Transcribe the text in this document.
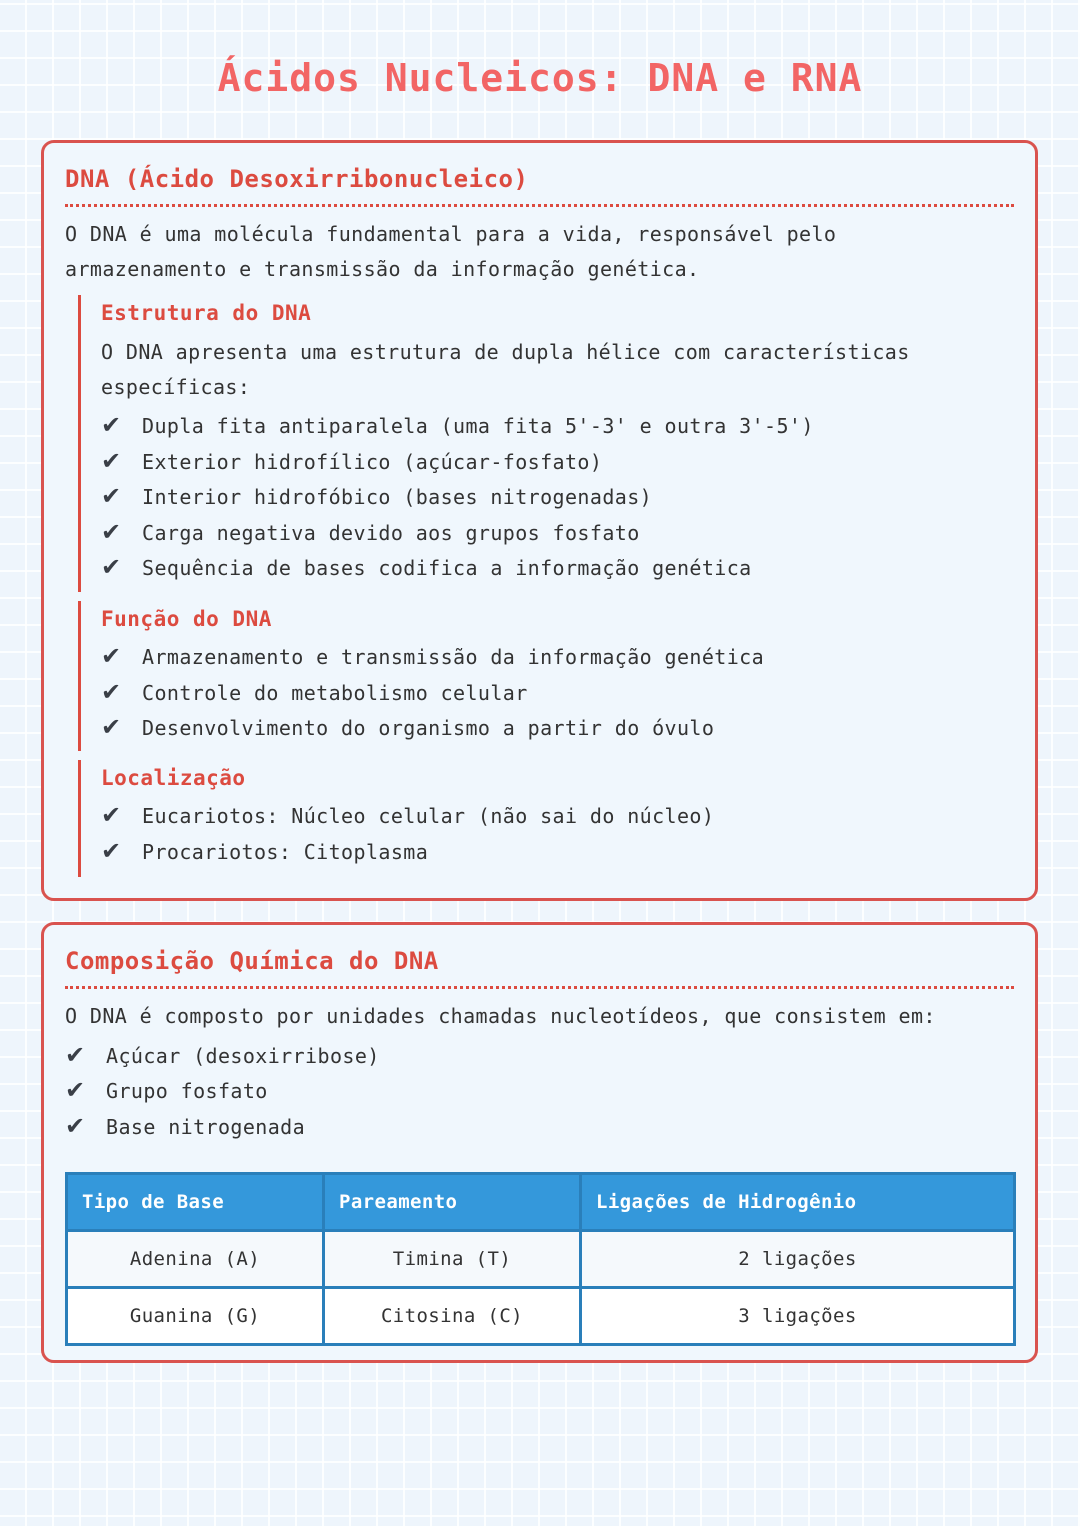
Ácidos Nucleicos: DNA e RNA
DNA (Ácido Desoxirribonucleico)

O DNA é uma molécula fundamental para a vida, responsável pelo
armazenamento e transmissão da informação genética.

Estrutura do DNA

O DNA apresenta uma estrutura de dupla hélice com características
específicas:

✔ Dupla fita antiparalela (uma fita 5'-3' e outra 3'-5')
✔ Exterior hidrofílico (açúcar-fosfato)
✔ Interior hidrofóbico (bases nitrogenadas)
✔ Carga negativa devido aos grupos fosfato
✔ Sequência de bases codifica a informação genética
Função do DNA
✔ Armazenamento e transmissão da informação genética
✔ Controle do metabolismo celular
✔ Desenvolvimento do organismo a partir do óvulo
Localização
✔ Eucariotos: Núcleo celular (não sai do núcleo)
✔ Procariotos: Citoplasma
Composição Química do DNA

O DNA é composto por unidades chamadas nucleotídeos, que consistem em:

✔ Açúcar (desoxirribose)
✔ Grupo fosfato
✔ Base nitrogenada
Tipo de Base	Pareamento	Ligações de Hidrogênio
Adenina (A)	Timina (T)	2 ligações
Guanina (G)	Citosina (C)	3 ligações
